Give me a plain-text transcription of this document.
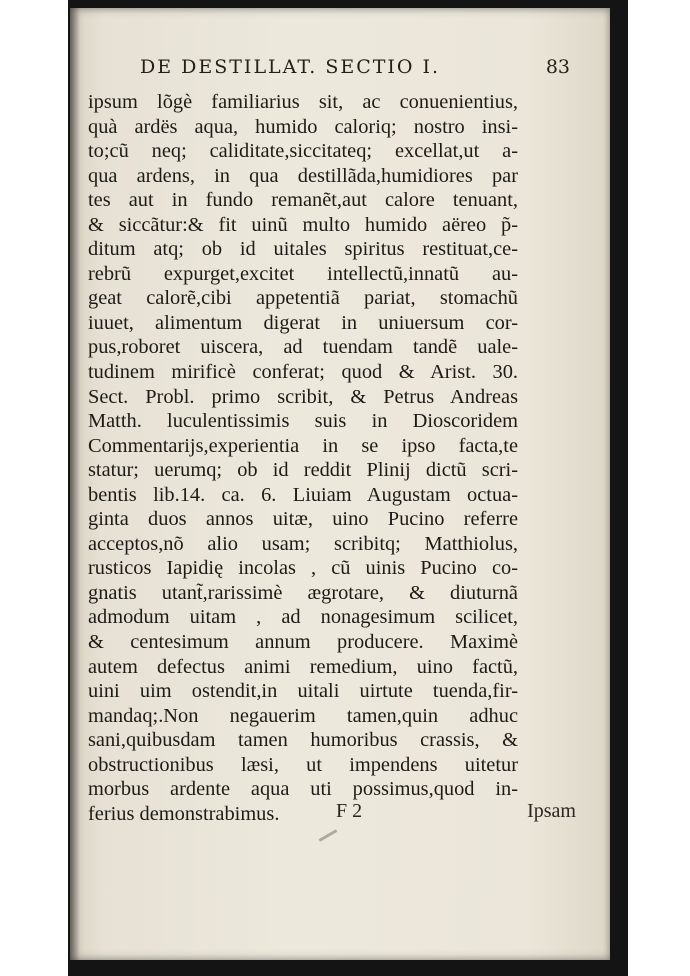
DE DESTILLAT. SECTIO I.	83
ipsum lõgè familiarius sit, ac conuenientius,
quà ardës aqua, humido caloriq; nostro insi-
to;cũ neq; caliditate,siccitateq; excellat,ut a-
qua ardens, in qua destillãda,humidiores par
tes aut in fundo remanẽt,aut calore tenuant,
& siccãtur:& fit uinũ multo humido aëreo p̃-
ditum atq; ob id uitales spiritus restituat,ce-
rebrũ expurget,excitet intellectũ,innatũ au-
geat calorẽ,cibi appetentiã pariat, stomachũ
iuuet, alimentum digerat in uniuersum cor-
pus,roboret uiscera, ad tuendam tandẽ uale-
tudinem mirificè conferat; quod & Arist. 30.
Sect. Probl. primo scribit, & Petrus Andreas
Matth. luculentissimis suis in Dioscoridem
Commentarijs,experientia in se ipso facta,te
statur; uerumq; ob id reddit Plinij dictũ scri-
bentis lib.14. ca. 6. Liuiam Augustam octua-
ginta duos annos uitæ, uino Pucino referre
acceptos,nõ alio usam; scribitq; Matthiolus,
rusticos Iapidię incolas , cũ uinis Pucino co-
gnatis utant̃,rarissimè ægrotare, & diuturnã
admodum uitam , ad nonagesimum scilicet,
& centesimum annum producere. Maximè
autem defectus animi remedium, uino factũ,
uini uim ostendit,in uitali uirtute tuenda,fir-
mandaq;.Non negauerim tamen,quin adhuc
sani,quibusdam tamen humoribus crassis, &
obstructionibus læsi, ut impendens uitetur
morbus ardente aqua uti possimus,quod in-
ferius demonstrabimus.	F 2	Ipsam
